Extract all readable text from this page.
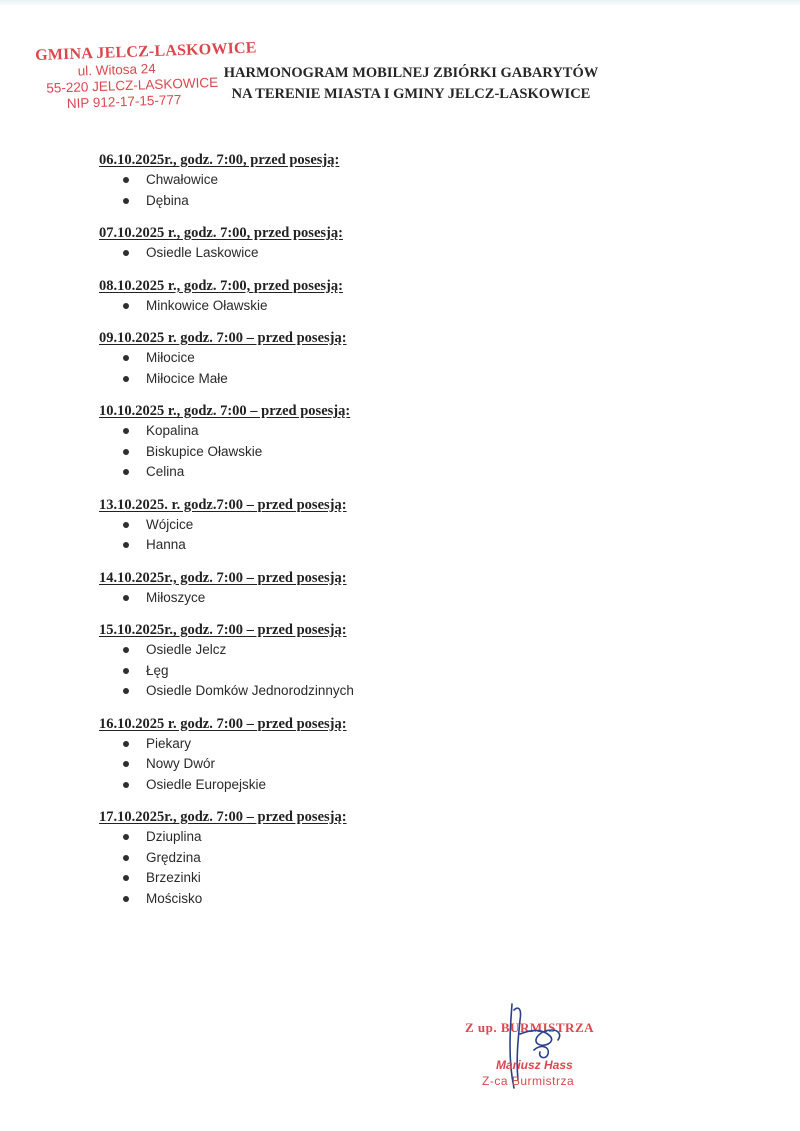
GMINA JELCZ-LASKOWICE
ul. Witosa 24
55-220 JELCZ-LASKOWICE
NIP 912-17-15-777
HARMONOGRAM MOBILNEJ ZBIÓRKI GABARYTÓW
NA TERENIE MIASTA I GMINY JELCZ-LASKOWICE
06.10.2025r., godz. 7:00, przed posesją:
Chwałowice
Dębina
07.10.2025 r., godz. 7:00, przed posesją:
Osiedle Laskowice
08.10.2025 r., godz. 7:00, przed posesją:
Minkowice Oławskie
09.10.2025 r. godz. 7:00 – przed posesją:
Miłocice
Miłocice Małe
10.10.2025 r., godz. 7:00 – przed posesją:
Kopalina
Biskupice Oławskie
Celina
13.10.2025. r. godz.7:00 – przed posesją:
Wójcice
Hanna
14.10.2025r., godz. 7:00 – przed posesją:
Miłoszyce
15.10.2025r., godz. 7:00 – przed posesją:
Osiedle Jelcz
Łęg
Osiedle Domków Jednorodzinnych
16.10.2025 r. godz. 7:00 – przed posesją:
Piekary
Nowy Dwór
Osiedle Europejskie
17.10.2025r., godz. 7:00 – przed posesją:
Dziuplina
Grędzina
Brzezinki
Mościsko
Z up. BURMISTRZA
Mariusz Hass
Z-ca Burmistrza
